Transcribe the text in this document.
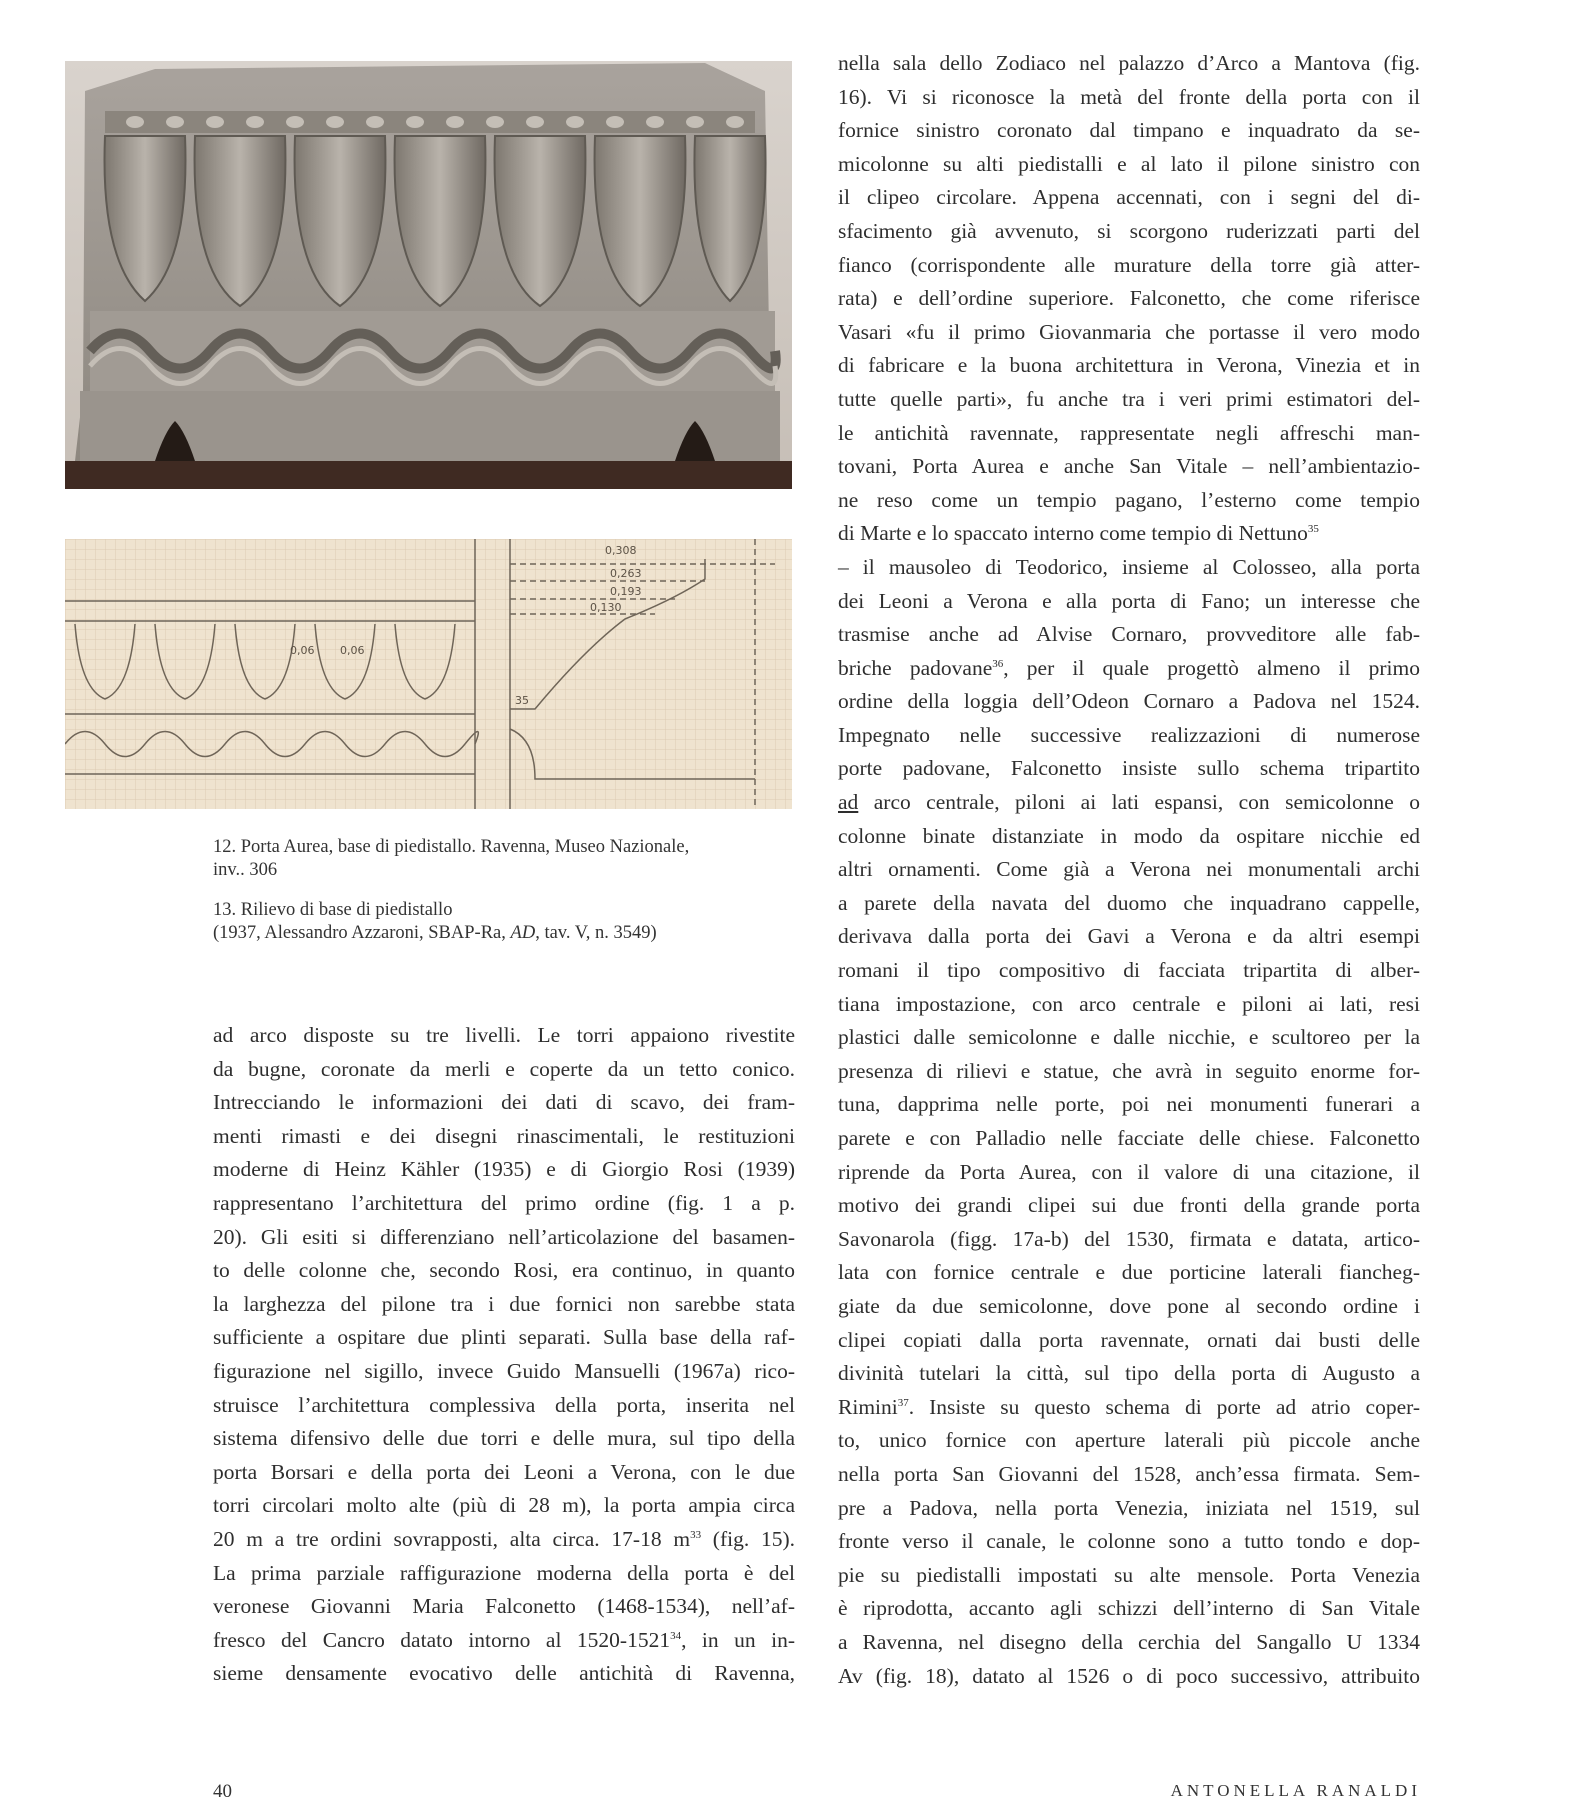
0,308
0,263
0,193
0,130
0,06 0,06
35

12. Porta Aurea, base di piedistallo. Ravenna, Museo Nazionale,
inv.. 306

13. Rilievo di base di piedistallo
(1937, Alessandro Azzaroni, SBAP-Ra, AD, tav. V, n. 3549)

ad arco disposte su tre livelli. Le torri appaiono rivestite
da bugne, coronate da merli e coperte da un tetto conico.
Intrecciando le informazioni dei dati di scavo, dei fram-
menti rimasti e dei disegni rinascimentali, le restituzioni
moderne di Heinz Kähler (1935) e di Giorgio Rosi (1939)
rappresentano l’architettura del primo ordine (fig. 1 a p.
20). Gli esiti si differenziano nell’articolazione del basamen-
to delle colonne che, secondo Rosi, era continuo, in quanto
la larghezza del pilone tra i due fornici non sarebbe stata
sufficiente a ospitare due plinti separati. Sulla base della raf-
figurazione nel sigillo, invece Guido Mansuelli (1967a) rico-
struisce l’architettura complessiva della porta, inserita nel
sistema difensivo delle due torri e delle mura, sul tipo della
porta Borsari e della porta dei Leoni a Verona, con le due
torri circolari molto alte (più di 28 m), la porta ampia circa
20 m a tre ordini sovrapposti, alta circa. 17-18 $m^{33}$ (fig. 15).
La prima parziale raffigurazione moderna della porta è del
veronese Giovanni Maria Falconetto (1468-1534), nell’af-
fresco del Cancro datato intorno al 1520-1521$^{34}$, in un in-
sieme densamente evocativo delle antichità di Ravenna,
nella sala dello Zodiaco nel palazzo d’Arco a Mantova (fig.
16). Vi si riconosce la metà del fronte della porta con il
fornice sinistro coronato dal timpano e inquadrato da se-
micolonne su alti piedistalli e al lato il pilone sinistro con
il clipeo circolare. Appena accennati, con i segni del di-
sfacimento già avvenuto, si scorgono ruderizzati parti del
fianco (corrispondente alle murature della torre già atter-
rata) e dell’ordine superiore. Falconetto, che come riferisce
Vasari «fu il primo Giovanmaria che portasse il vero modo
di fabricare e la buona architettura in Verona, Vinezia et in
tutte quelle parti», fu anche tra i veri primi estimatori del-
le antichità ravennate, rappresentate negli affreschi man-
tovani, Porta Aurea e anche San Vitale – nell’ambientazio-
ne reso come un tempio pagano, l’esterno come tempio
di Marte e lo spaccato interno come tempio di Nettuno$^{35}$
– il mausoleo di Teodorico, insieme al Colosseo, alla porta
dei Leoni a Verona e alla porta di Fano; un interesse che
trasmise anche ad Alvise Cornaro, provveditore alle fab-
briche padovane$^{36}$, per il quale progettò almeno il primo
ordine della loggia dell’Odeon Cornaro a Padova nel 1524.
Impegnato nelle successive realizzazioni di numerose
porte padovane, Falconetto insiste sullo schema tripartito
ad arco centrale, piloni ai lati espansi, con semicolonne o
colonne binate distanziate in modo da ospitare nicchie ed
altri ornamenti. Come già a Verona nei monumentali archi
a parete della navata del duomo che inquadrano cappelle,
derivava dalla porta dei Gavi a Verona e da altri esempi
romani il tipo compositivo di facciata tripartita di alber-
tiana impostazione, con arco centrale e piloni ai lati, resi
plastici dalle semicolonne e dalle nicchie, e scultoreo per la
presenza di rilievi e statue, che avrà in seguito enorme for-
tuna, dapprima nelle porte, poi nei monumenti funerari a
parete e con Palladio nelle facciate delle chiese. Falconetto
riprende da Porta Aurea, con il valore di una citazione, il
motivo dei grandi clipei sui due fronti della grande porta
Savonarola (figg. 17a-b) del 1530, firmata e datata, artico-
lata con fornice centrale e due porticine laterali fiancheg-
giate da due semicolonne, dove pone al secondo ordine i
clipei copiati dalla porta ravennate, ornati dai busti delle
divinità tutelari la città, sul tipo della porta di Augusto a
Rimini$^{37}$. Insiste su questo schema di porte ad atrio coper-
to, unico fornice con aperture laterali più piccole anche
nella porta San Giovanni del 1528, anch’essa firmata. Sem-
pre a Padova, nella porta Venezia, iniziata nel 1519, sul
fronte verso il canale, le colonne sono a tutto tondo e dop-
pie su piedistalli impostati su alte mensole. Porta Venezia
è riprodotta, accanto agli schizzi dell’interno di San Vitale
a Ravenna, nel disegno della cerchia del Sangallo U 1334
Av (fig. 18), datato al 1526 o di poco successivo, attribuito
40	ANTONELLA RANALDI
